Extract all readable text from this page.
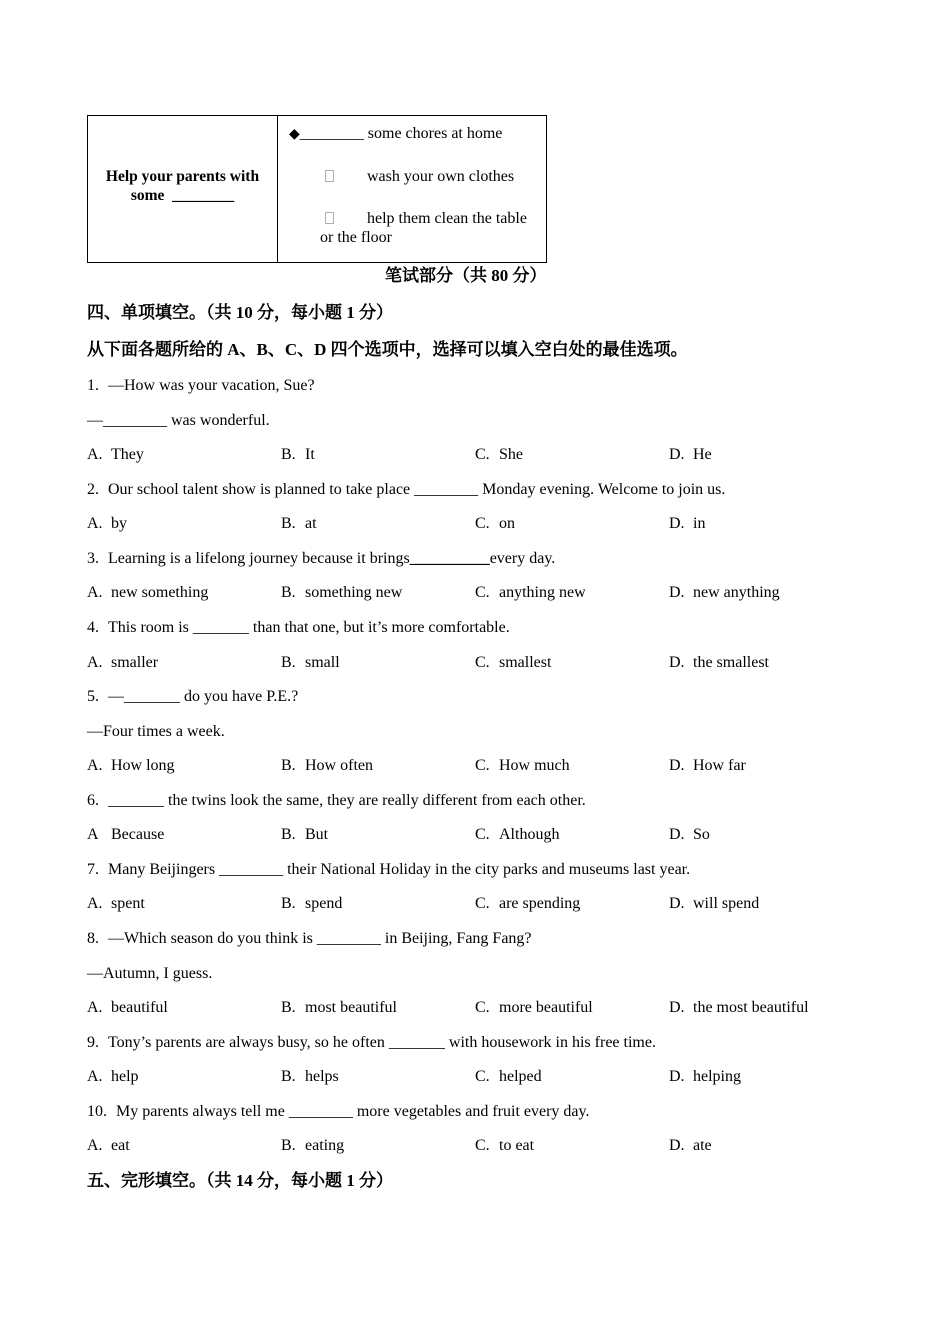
Help your parents with
some  ________
◆________ some chores at home
wash your own clothes
help them clean the table or the floor
笔试部分（共 80 分）
四、单项填空。（共 10 分，每小题 1 分）
从下面各题所给的 A、B、C、D 四个选项中，选择可以填入空白处的最佳选项。
1. —How was your vacation, Sue?
—________ was wonderful.
A. They	B. It	C. She	D. He
2. Our school talent show is planned to take place ________ Monday evening. Welcome to join us.
A. by	B. at	C. on	D. in
3. Learning is a lifelong journey because it brings__________every day.
A. new something	B. something new	C. anything new	D. new anything
4. This room is _______ than that one, but it’s more comfortable.
A. smaller	B. small	C. smallest	D. the smallest
5. —_______ do you have P.E.?
—Four times a week.
A. How long	B. How often	C. How much	D. How far
6. _______ the twins look the same, they are really different from each other.
A Because	B. But	C. Although	D. So
7. Many Beijingers ________ their National Holiday in the city parks and museums last year.
A. spent	B. spend	C. are spending	D. will spend
8. —Which season do you think is ________ in Beijing, Fang Fang?
—Autumn, I guess.
A. beautiful	B. most beautiful	C. more beautiful	D. the most beautiful
9. Tony’s parents are always busy, so he often _______ with housework in his free time.
A. help	B. helps	C. helped	D. helping
10. My parents always tell me ________ more vegetables and fruit every day.
A. eat	B. eating	C. to eat	D. ate
五、完形填空。（共 14 分，每小题 1 分）
